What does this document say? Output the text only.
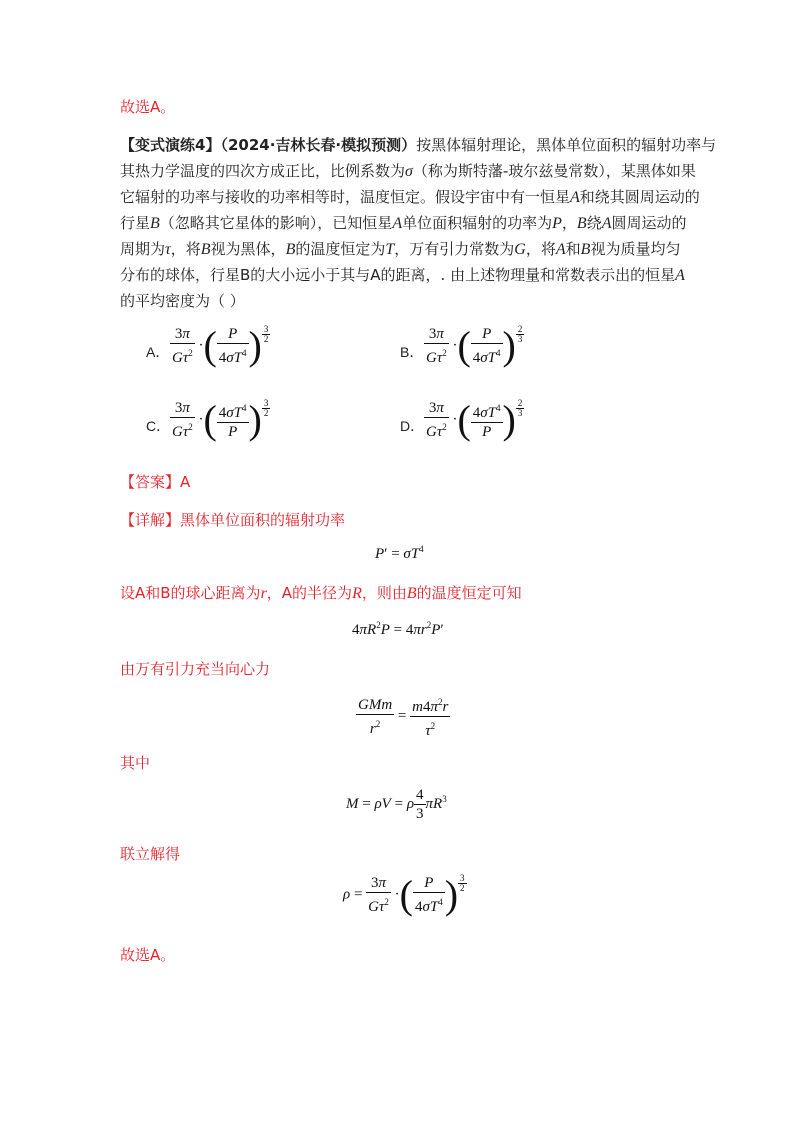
故选A。
【变式演练4】（2024·吉林长春·模拟预测）按黑体辐射理论，黑体单位面积的辐射功率与
其热力学温度的四次方成正比，比例系数为σ（称为斯特藩-玻尔兹曼常数），某黑体如果
它辐射的功率与接收的功率相等时，温度恒定。假设宇宙中有一恒星A和绕其圆周运动的
行星B（忽略其它星体的影响），已知恒星A单位面积辐射的功率为P，B绕A圆周运动的
周期为τ，将B视为黑体，B的温度恒定为T，万有引力常数为G，将A和B视为质量均匀
分布的球体，行星B的大小远小于其与A的距离，. 由上述物理量和常数表示出的恒星A
的平均密度为（ ）
A． $\frac{3\pi}{G\tau^2}$ ·( $\frac{P}{4\sigma T^4}$ ) $\frac{3}{2}$
B． $\frac{3\pi}{G\tau^2}$ ·( $\frac{P}{4\sigma T^4}$ ) $\frac{2}{3}$
C． $\frac{3\pi}{G\tau^2}$ ·( $\frac{4\sigma T^4}{P}$ ) $\frac{3}{2}$
D． $\frac{3\pi}{G\tau^2}$ ·( $\frac{4\sigma T^4}{P}$ ) $\frac{2}{3}$
【答案】A
【详解】黑体单位面积的辐射功率
$P' = \sigma T^4$
设A和B的球心距离为r，A的半径为R，则由B的温度恒定可知
$4\pi R^2P = 4\pi r^2P'$
由万有引力充当向心力
$\frac{\text{GMm}}{r^2} = \frac{m4\pi^2r}{\tau^2}$
其中
M = ρV = ρ $\frac{4}{3} \pi R^3$
联立解得
$\rho = \frac{3\pi}{G\tau^2}$ ·( $\frac{P}{4\sigma T^4}$ ) $\frac{3}{2}$
故选A。
